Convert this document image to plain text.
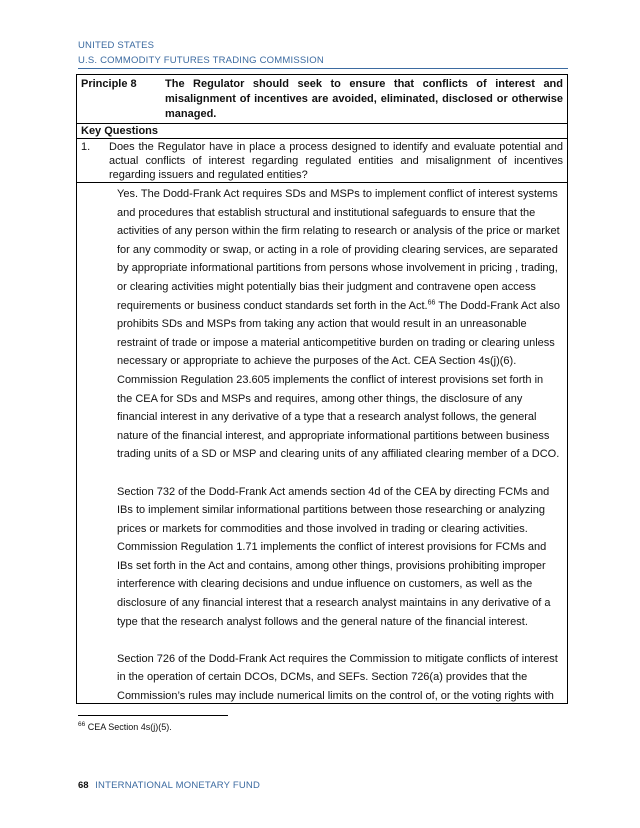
UNITED STATES
U.S. COMMODITY FUTURES TRADING COMMISSION
Principle 8	The Regulator should seek to ensure that conflicts of interest and misalignment of incentives are avoided, eliminated, disclosed or otherwise managed.
Key Questions
1.	Does the Regulator have in place a process designed to identify and evaluate potential and actual conflicts of interest regarding regulated entities and misalignment of incentives regarding issuers and regulated entities?

Yes. The Dodd-Frank Act requires SDs and MSPs to implement conflict of interest systems and procedures that establish structural and institutional safeguards to ensure that the activities of any person within the firm relating to research or analysis of the price or market for any commodity or swap, or acting in a role of providing clearing services, are separated by appropriate informational partitions from persons whose involvement in pricing , trading, or clearing activities might potentially bias their judgment and contravene open access requirements or business conduct standards set forth in the Act.$^{66}$ The Dodd-Frank Act also prohibits SDs and MSPs from taking any action that would result in an unreasonable restraint of trade or impose a material anticompetitive burden on trading or clearing unless necessary or appropriate to achieve the purposes of the Act. CEA Section 4s(j)(6). Commission Regulation 23.605 implements the conflict of interest provisions set forth in the CEA for SDs and MSPs and requires, among other things, the disclosure of any financial interest in any derivative of a type that a research analyst follows, the general nature of the financial interest, and appropriate informational partitions between business trading units of a SD or MSP and clearing units of any affiliated clearing member of a DCO.

Section 732 of the Dodd-Frank Act amends section 4d of the CEA by directing FCMs and IBs to implement similar informational partitions between those researching or analyzing prices or markets for commodities and those involved in trading or clearing activities. Commission Regulation 1.71 implements the conflict of interest provisions for FCMs and IBs set forth in the Act and contains, among other things, provisions prohibiting improper interference with clearing decisions and undue influence on customers, as well as the disclosure of any financial interest that a research analyst maintains in any derivative of a type that the research analyst follows and the general nature of the financial interest.

Section 726 of the Dodd-Frank Act requires the Commission to mitigate conflicts of interest in the operation of certain DCOs, DCMs, and SEFs. Section 726(a) provides that the Commission’s rules may include numerical limits on the control of, or the voting rights with

$^{66}$ CEA Section 4s(j)(5).
68 INTERNATIONAL MONETARY FUND
